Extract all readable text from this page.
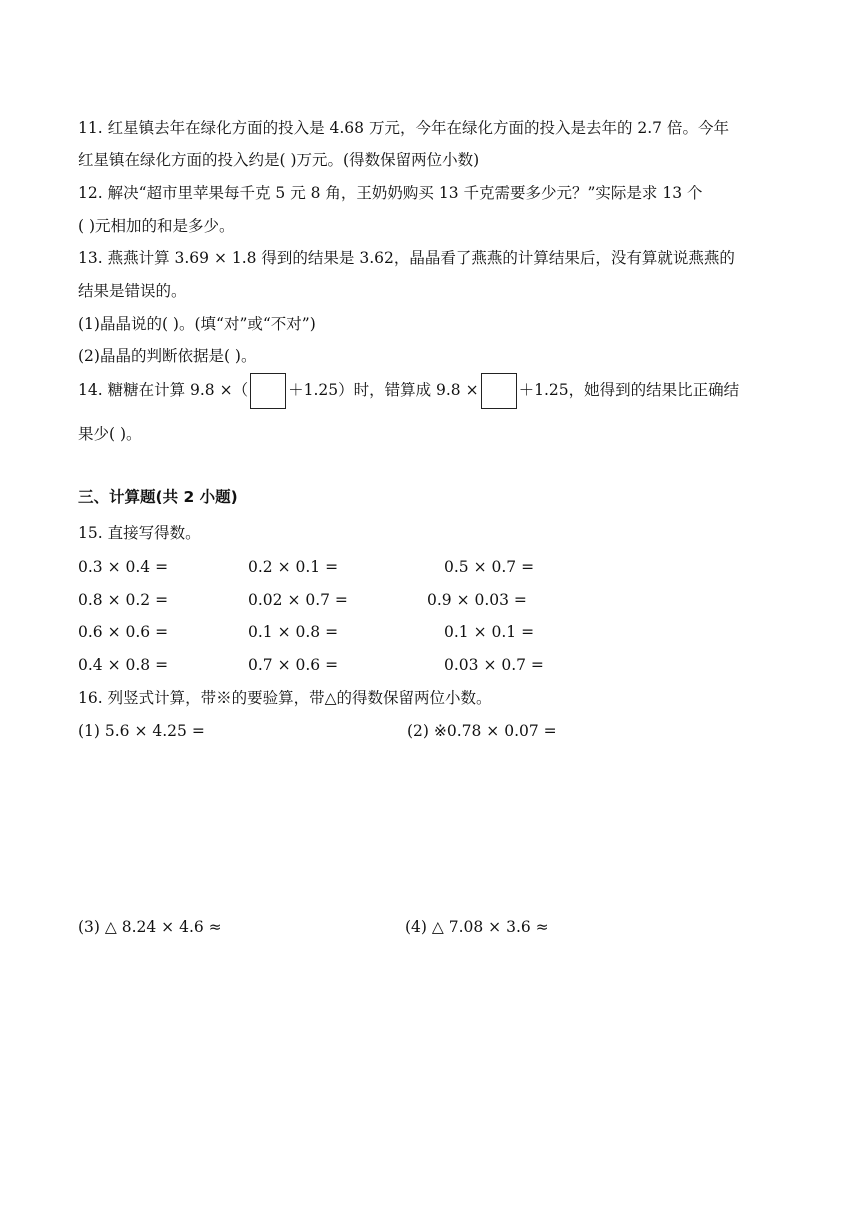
11. 红星镇去年在绿化方面的投入是 4.68 万元，今年在绿化方面的投入是去年的 2.7 倍。今年
红星镇在绿化方面的投入约是( )万元。(得数保留两位小数)
12. 解决“超市里苹果每千克 5 元 8 角，王奶奶购买 13 千克需要多少元？”实际是求 13 个
( )元相加的和是多少。
13. 燕燕计算 3.69 × 1.8 得到的结果是 3.62，晶晶看了燕燕的计算结果后，没有算就说燕燕的
结果是错误的。
(1)晶晶说的( )。(填“对”或“不对”)
(2)晶晶的判断依据是( )。
14. 糖糖在计算 9.8 ×（	＋1.25）时，错算成 9.8 ×	＋1.25，她得到的结果比正确结
果少( )。
三、计算题(共 2 小题)
15. 直接写得数。
0.3 × 0.4 =	0.2 × 0.1 =	0.5 × 0.7 =
0.8 × 0.2 =	0.02 × 0.7 =	0.9 × 0.03 =
0.6 × 0.6 =	0.1 × 0.8 =	0.1 × 0.1 =
0.4 × 0.8 =	0.7 × 0.6 =	0.03 × 0.7 =
16. 列竖式计算，带※的要验算，带△的得数保留两位小数。
(1) 5.6 × 4.25 =	(2) ※0.78 × 0.07 =
(3) △ 8.24 × 4.6 ≈	(4) △ 7.08 × 3.6 ≈
